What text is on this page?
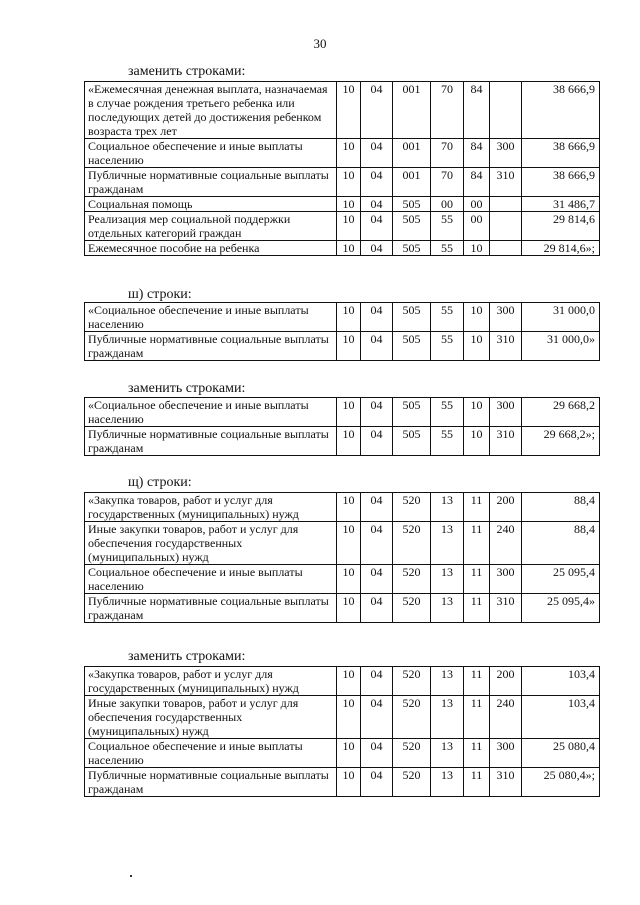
30
заменить строками:
«Ежемесячная денежная выплата, назначаемая в случае рождения третьего ребенка или последующих детей до достижения ребенком возраста трех лет	10	04	001	70	84		38 666,9
Социальное обеспечение и иные выплаты населению	10	04	001	70	84	300	38 666,9
Публичные нормативные социальные выплаты гражданам	10	04	001	70	84	310	38 666,9
Социальная помощь	10	04	505	00	00		31 486,7
Реализация мер социальной поддержки отдельных категорий граждан	10	04	505	55	00		29 814,6
Ежемесячное пособие на ребенка	10	04	505	55	10		29 814,6»;
ш) строки:
«Социальное обеспечение и иные выплаты населению	10	04	505	55	10	300	31 000,0
Публичные нормативные социальные выплаты гражданам	10	04	505	55	10	310	31 000,0»
заменить строками:
«Социальное обеспечение и иные выплаты населению	10	04	505	55	10	300	29 668,2
Публичные нормативные социальные выплаты гражданам	10	04	505	55	10	310	29 668,2»;
щ) строки:
«Закупка товаров, работ и услуг для государственных (муниципальных) нужд	10	04	520	13	11	200	88,4
Иные закупки товаров, работ и услуг для обеспечения государственных (муниципальных) нужд	10	04	520	13	11	240	88,4
Социальное обеспечение и иные выплаты населению	10	04	520	13	11	300	25 095,4
Публичные нормативные социальные выплаты гражданам	10	04	520	13	11	310	25 095,4»
заменить строками:
«Закупка товаров, работ и услуг для государственных (муниципальных) нужд	10	04	520	13	11	200	103,4
Иные закупки товаров, работ и услуг для обеспечения государственных (муниципальных) нужд	10	04	520	13	11	240	103,4
Социальное обеспечение и иные выплаты населению	10	04	520	13	11	300	25 080,4
Публичные нормативные социальные выплаты гражданам	10	04	520	13	11	310	25 080,4»;
